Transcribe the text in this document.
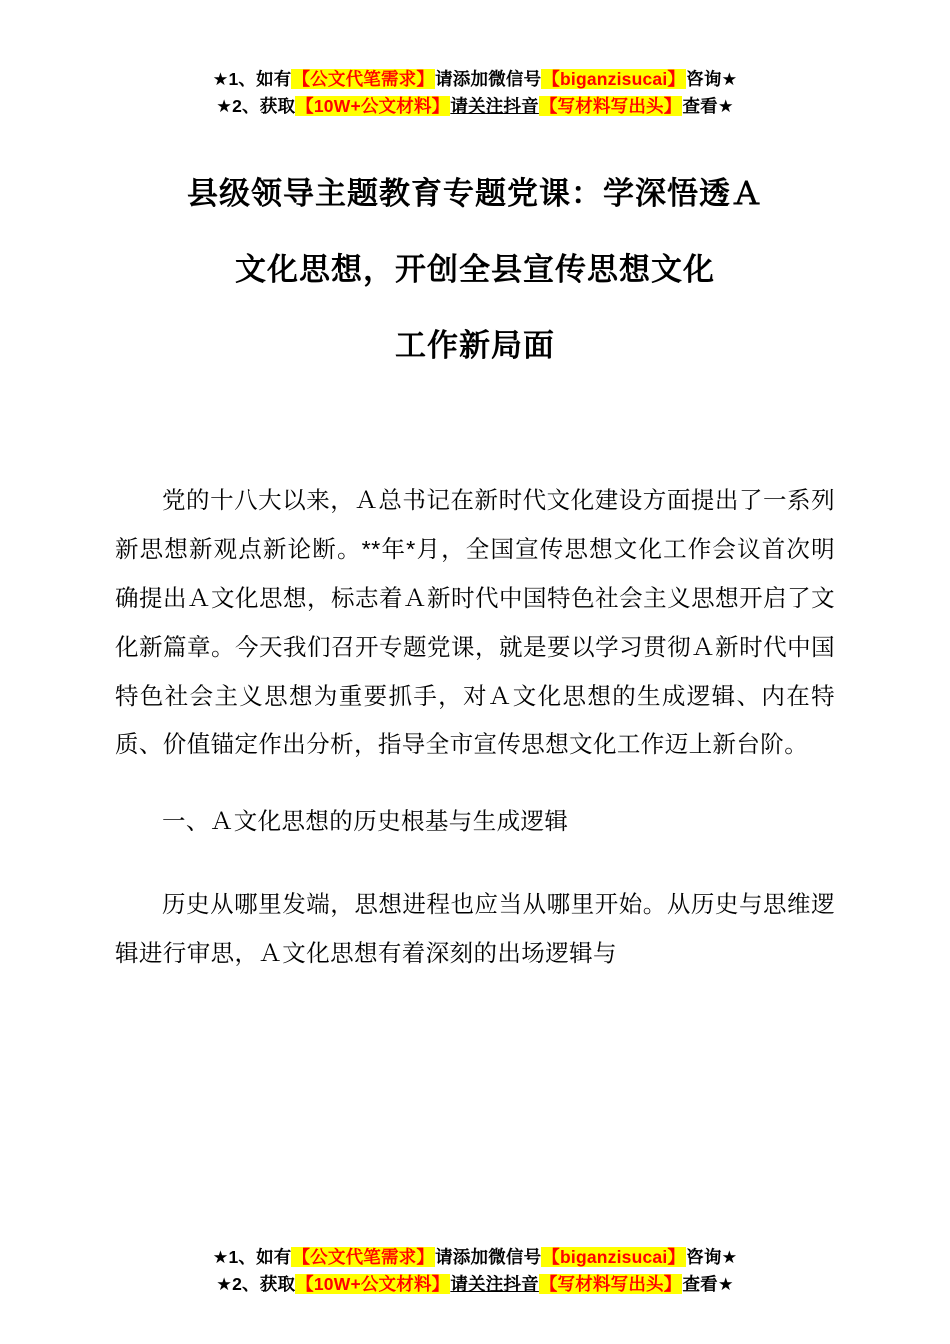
★1、如有【公文代笔需求】请添加微信号【biganzisucai】咨询★
★2、获取【10W+公文材料】请关注抖音【写材料写出头】查看★
县级领导主题教育专题党课：学深悟透Ａ
文化思想，开创全县宣传思想文化
工作新局面

党的十八大以来，Ａ总书记在新时代文化建设方面提出了一系列新思想新观点新论断。**年*月，全国宣传思想文化工作会议首次明确提出Ａ文化思想，标志着Ａ新时代中国特色社会主义思想开启了文化新篇章。今天我们召开专题党课，就是要以学习贯彻Ａ新时代中国特色社会主义思想为重要抓手，对Ａ文化思想的生成逻辑、内在特质、价值锚定作出分析，指导全市宣传思想文化工作迈上新台阶。

一、Ａ文化思想的历史根基与生成逻辑

历史从哪里发端，思想进程也应当从哪里开始。从历史与思维逻辑进行审思，Ａ文化思想有着深刻的出场逻辑与

★1、如有【公文代笔需求】请添加微信号【biganzisucai】咨询★
★2、获取【10W+公文材料】请关注抖音【写材料写出头】查看★
